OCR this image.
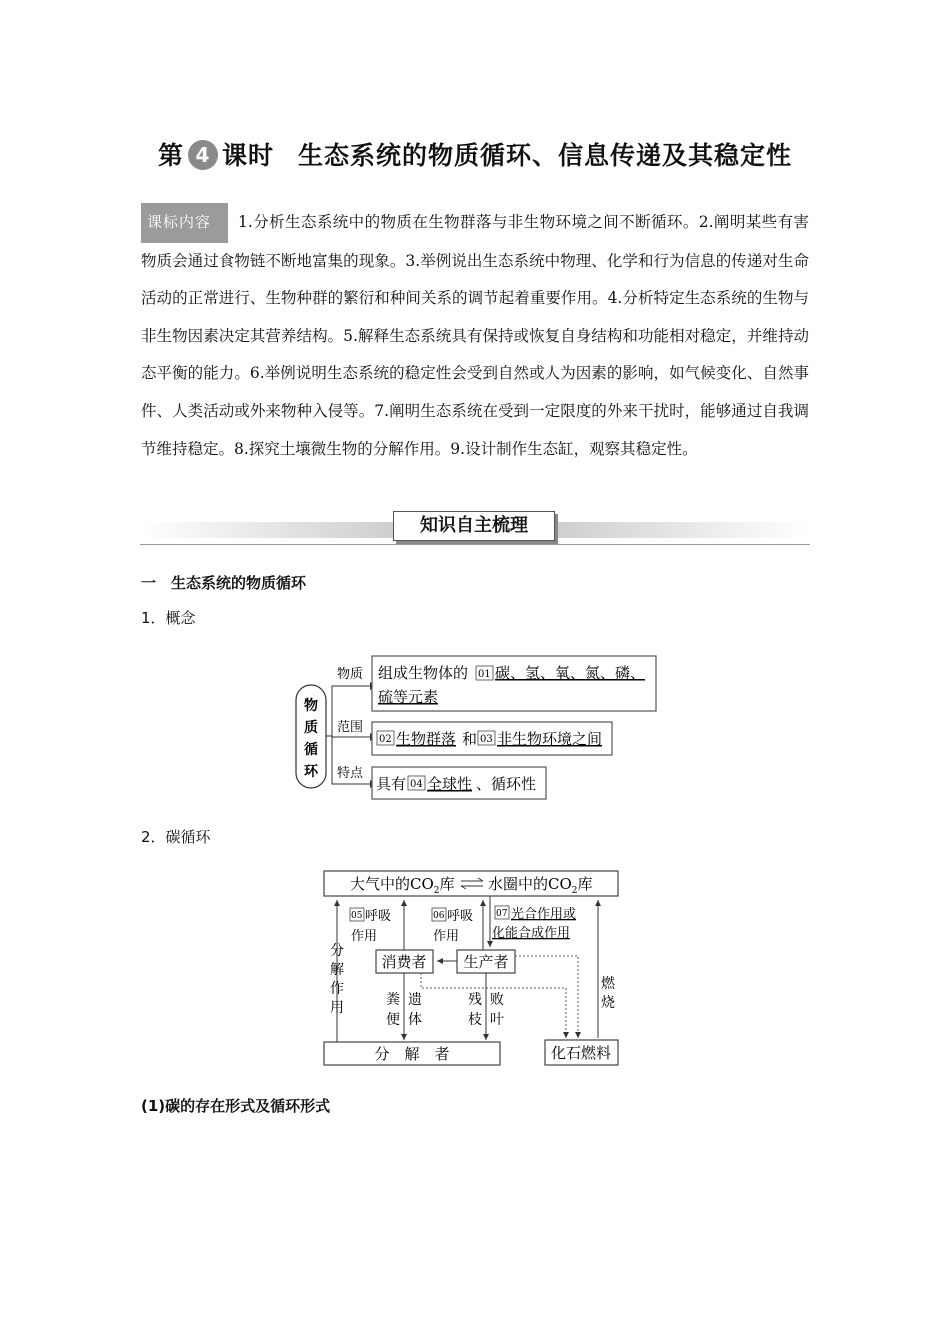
第 4 课时 生态系统的物质循环、信息传递及其稳定性
课标内容 1.分析生态系统中的物质在生物群落与非生物环境之间不断循环。2.阐明某些有害物质会通过食物链不断地富集的现象。3.举例说出生态系统中物理、化学和行为信息的传递对生命活动的正常进行、生物种群的繁衍和种间关系的调节起着重要作用。4.分析特定生态系统的生物与非生物因素决定其营养结构。5.解释生态系统具有保持或恢复自身结构和功能相对稳定，并维持动态平衡的能力。6.举例说明生态系统的稳定性会受到自然或人为因素的影响，如气候变化、自然事件、人类活动或外来物种入侵等。7.阐明生态系统在受到一定限度的外来干扰时，能够通过自我调节维持稳定。8.探究土壤微生物的分解作用。9.设计制作生态缸，观察其稳定性。
知识自主梳理
一　生态系统的物质循环
1．概念
物
质
循
环
物质
范围
特点
组成生物体的 01 碳、氢、氧、氮、磷、
硫等元素
02 生物群落 和 03 非生物环境之间
具有 04 全球性 、循环性
2．碳循环
大气中的$CO_2$库 水圈中的$CO_2$库
05 呼吸
作用
06 呼吸
作用
07 光合作用或
化能合成作用
消费者 生产者
分
解
作
用	粪
便
遗
体
残
枝
败
叶
燃
烧
分　解　者	化石燃料
(1)碳的存在形式及循环形式
